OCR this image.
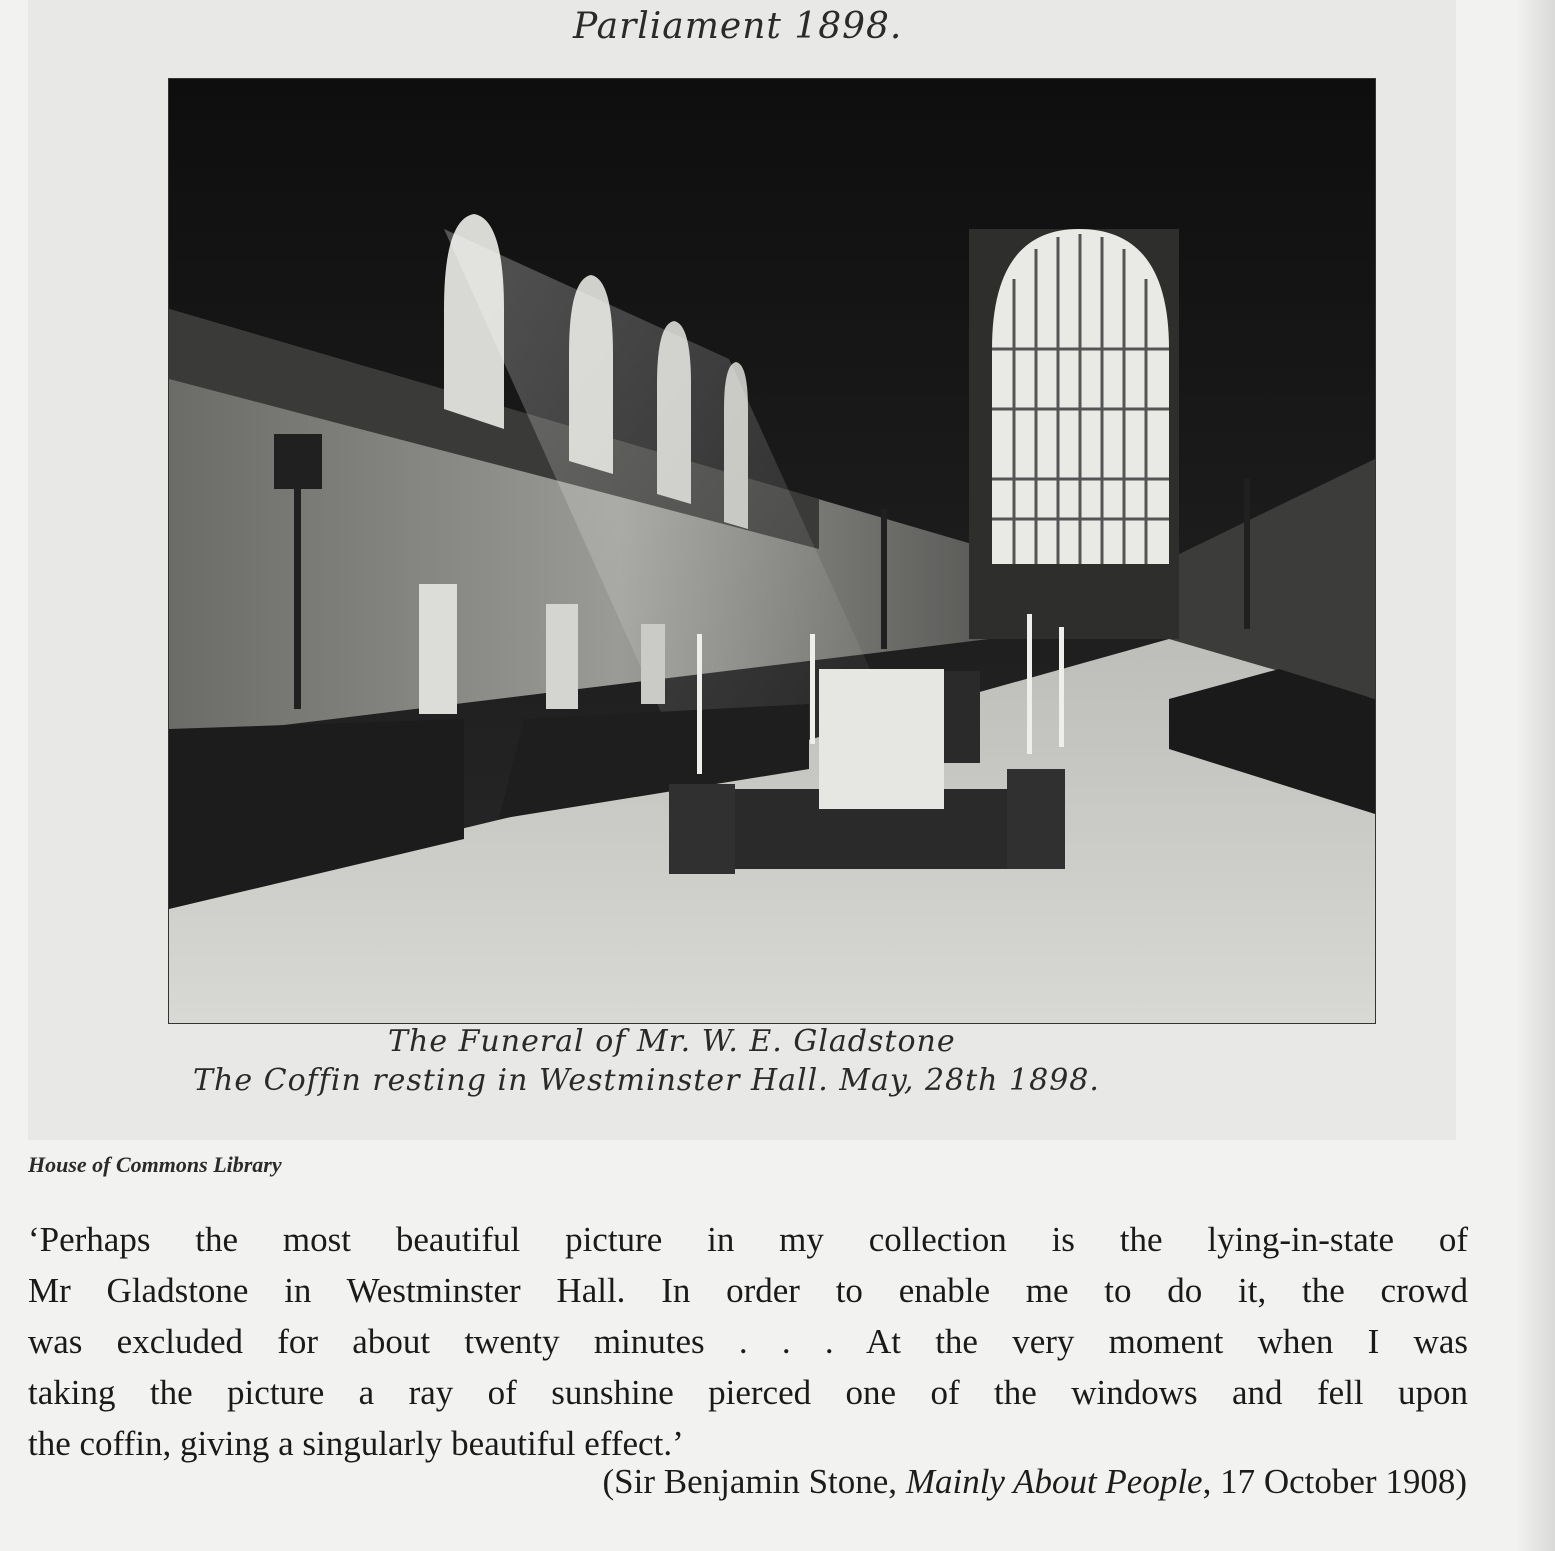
Parliament 1898.
The Funeral of Mr. W. E. Gladstone
The Coffin resting in Westminster Hall. May, 28th 1898.
House of Commons Library
‘Perhaps the most beautiful picture in my collection is the lying-in-state of
Mr Gladstone in Westminster Hall. In order to enable me to do it, the crowd
was excluded for about twenty minutes . . . At the very moment when I was
taking the picture a ray of sunshine pierced one of the windows and fell upon
the coffin, giving a singularly beautiful effect.’
(Sir Benjamin Stone, Mainly About People, 17 October 1908)
